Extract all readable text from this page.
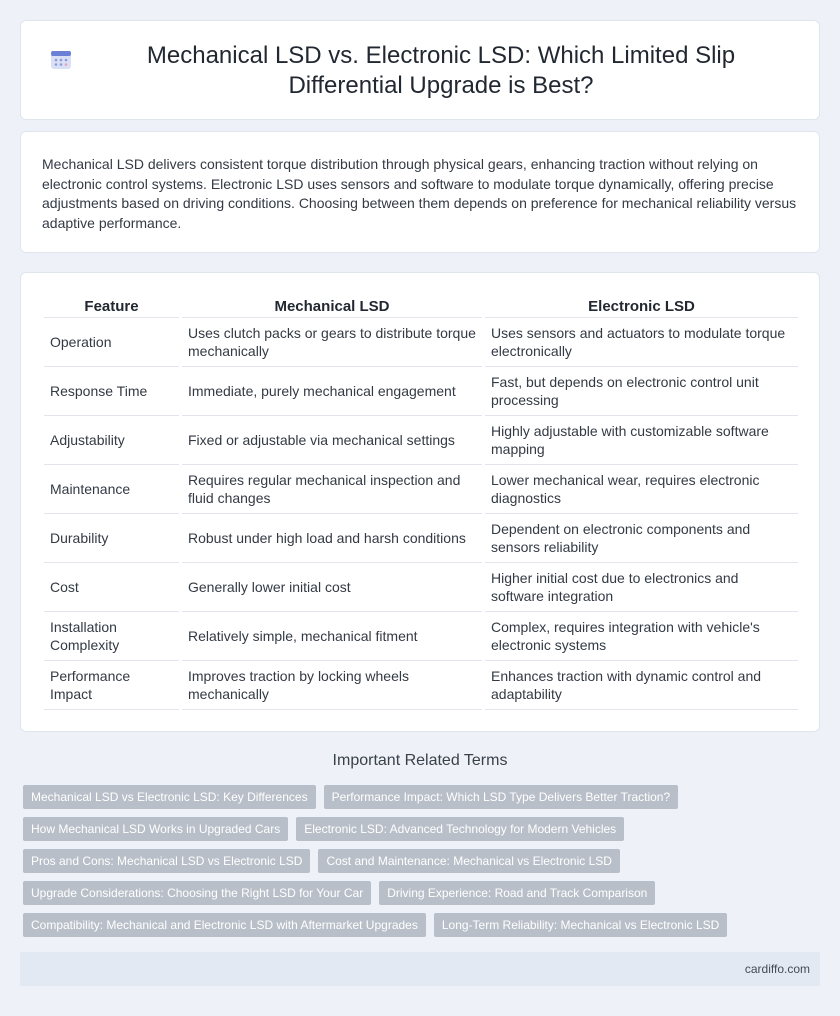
Mechanical LSD vs. Electronic LSD: Which Limited Slip Differential Upgrade is Best?

Mechanical LSD delivers consistent torque distribution through physical gears, enhancing traction without relying on electronic control systems. Electronic LSD uses sensors and software to modulate torque dynamically, offering precise adjustments based on driving conditions. Choosing between them depends on preference for mechanical reliability versus adaptive performance.

Feature	Mechanical LSD	Electronic LSD
Operation	Uses clutch packs or gears to distribute torque mechanically	Uses sensors and actuators to modulate torque electronically
Response Time	Immediate, purely mechanical engagement	Fast, but depends on electronic control unit processing
Adjustability	Fixed or adjustable via mechanical settings	Highly adjustable with customizable software mapping
Maintenance	Requires regular mechanical inspection and fluid changes	Lower mechanical wear, requires electronic diagnostics
Durability	Robust under high load and harsh conditions	Dependent on electronic components and sensors reliability
Cost	Generally lower initial cost	Higher initial cost due to electronics and software integration
Installation Complexity	Relatively simple, mechanical fitment	Complex, requires integration with vehicle's electronic systems
Performance Impact	Improves traction by locking wheels mechanically	Enhances traction with dynamic control and adaptability
Important Related Terms
Mechanical LSD vs Electronic LSD: Key Differences	Performance Impact: Which LSD Type Delivers Better Traction?
How Mechanical LSD Works in Upgraded Cars	Electronic LSD: Advanced Technology for Modern Vehicles
Pros and Cons: Mechanical LSD vs Electronic LSD	Cost and Maintenance: Mechanical vs Electronic LSD
Upgrade Considerations: Choosing the Right LSD for Your Car	Driving Experience: Road and Track Comparison
Compatibility: Mechanical and Electronic LSD with Aftermarket Upgrades	Long-Term Reliability: Mechanical vs Electronic LSD
cardiffo.com
